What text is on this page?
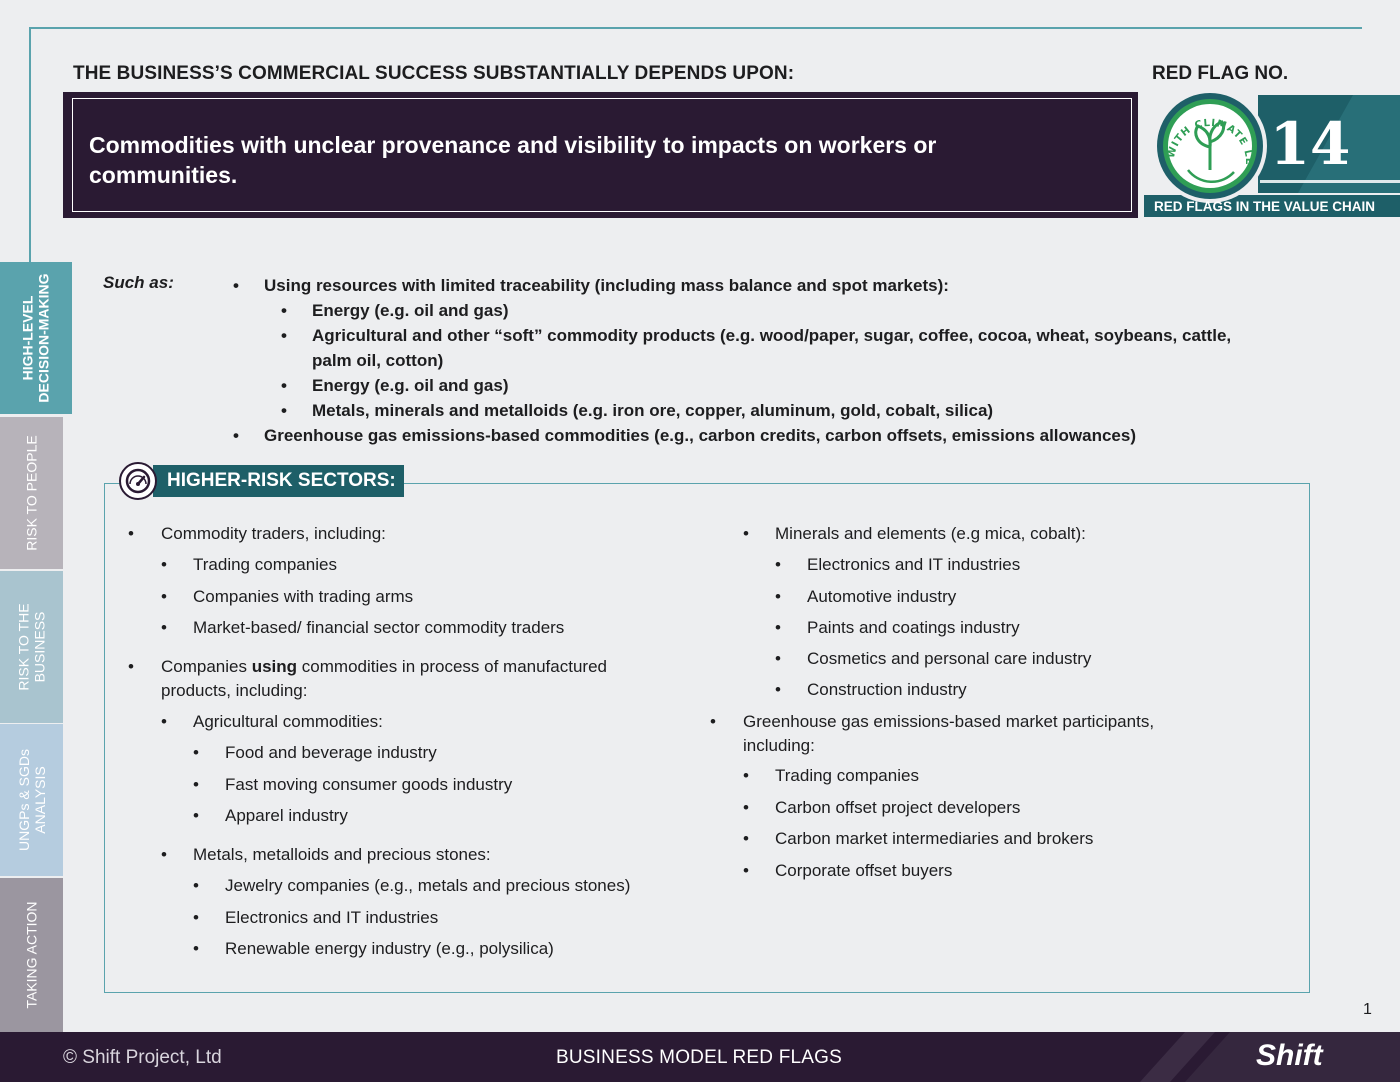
THE BUSINESS’S COMMERCIAL SUCCESS SUBSTANTIALLY DEPENDS UPON:	RED FLAG NO.
Commodities with unclear provenance and visibility to impacts on workers or communities.
WITH CLIMATE LE 14
RED FLAGS IN THE VALUE CHAIN
HIGH-LEVEL DECISION-MAKING
RISK TO PEOPLE
RISK TO THE BUSINESS
UNGPs & SGDs ANALYSIS
TAKING ACTION
Such as:	• Using resources with limited traceability (including mass balance and spot markets):
• Energy (e.g. oil and gas)
• Agricultural and other “soft” commodity products (e.g. wood/paper, sugar, coffee, cocoa, wheat, soybeans, cattle, palm oil, cotton)
• Energy (e.g. oil and gas)
• Metals, minerals and metalloids (e.g. iron ore, copper, aluminum, gold, cobalt, silica)
• Greenhouse gas emissions-based commodities (e.g., carbon credits, carbon offsets, emissions allowances)
HIGHER-RISK SECTORS:
• Commodity traders, including:
• Trading companies
• Companies with trading arms
• Market-based/ financial sector commodity traders
• Companies using commodities in process of manufactured
products, including:
• Agricultural commodities:
• Food and beverage industry
• Fast moving consumer goods industry
• Apparel industry
• Metals, metalloids and precious stones:
• Jewelry companies (e.g., metals and precious stones)
• Electronics and IT industries
• Renewable energy industry (e.g., polysilica)
• Minerals and elements (e.g mica, cobalt):
• Electronics and IT industries
• Automotive industry
• Paints and coatings industry
• Cosmetics and personal care industry
• Construction industry
• Greenhouse gas emissions-based market participants,
including:
• Trading companies
• Carbon offset project developers
• Carbon market intermediaries and brokers
• Corporate offset buyers
1
© Shift Project, Ltd	BUSINESS MODEL RED FLAGS	Shift
